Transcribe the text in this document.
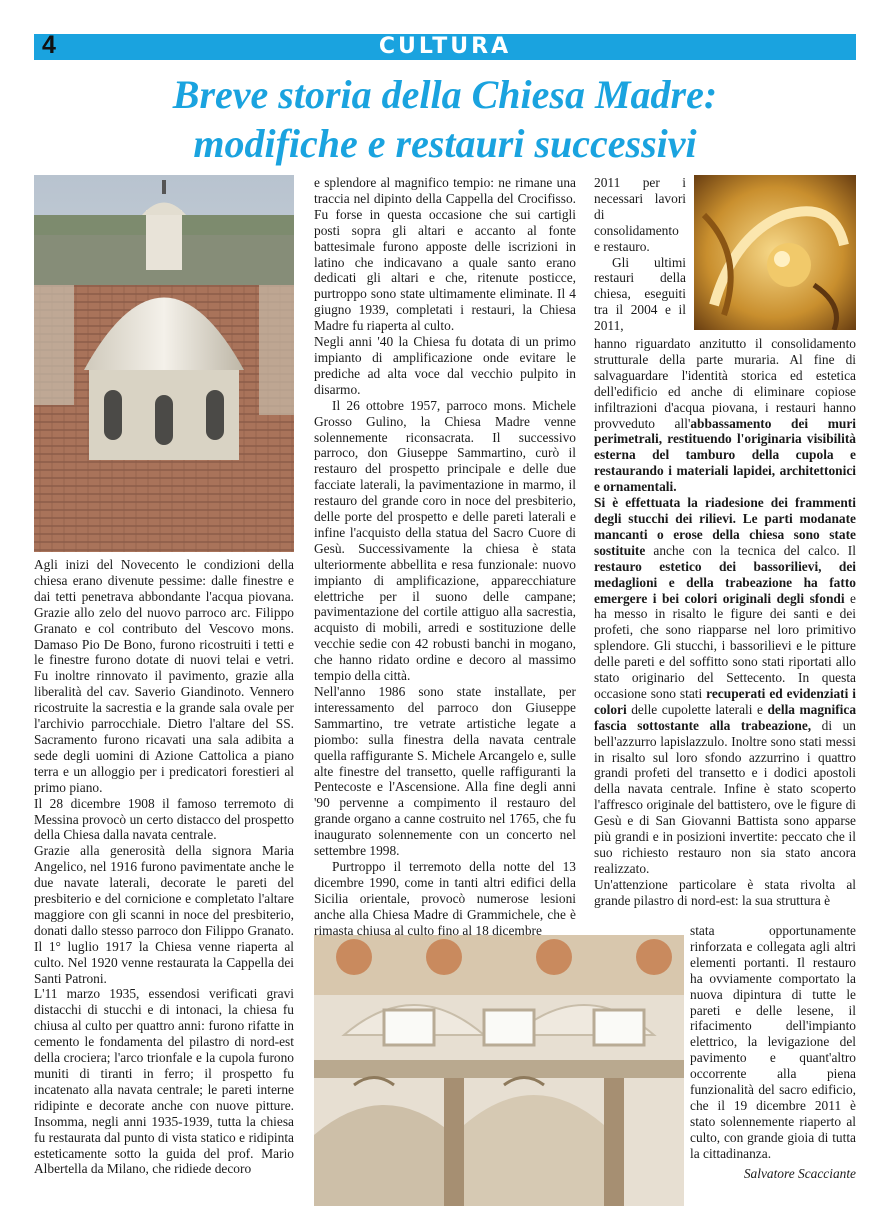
4	CULTURA
Breve storia della Chiesa Madre:
modifiche e restauri successivi

Agli inizi del Novecento le condizioni della chiesa erano divenute pessime: dalle finestre e dai tetti penetrava abbondante l'acqua piovana. Grazie allo zelo del nuovo parroco arc. Filippo Granato e col contributo del Vescovo mons. Damaso Pio De Bono, furono ricostruiti i tetti e le finestre furono dotate di nuovi telai e vetri. Fu inoltre rinnovato il pavimento, grazie alla liberalità del cav. Saverio Giandinoto. Vennero ricostruite la sacrestia e la grande sala ovale per l'archivio parrocchiale. Dietro l'altare del SS. Sacramento furono ricavati una sala adibita a sede degli uomini di Azione Cattolica a piano terra e un alloggio per i predicatori forestieri al primo piano.

Il 28 dicembre 1908 il famoso terremoto di Messina provocò un certo distacco del prospetto della Chiesa dalla navata centrale.

Grazie alla generosità della signora Maria Angelico, nel 1916 furono pavimentate anche le due navate laterali, decorate le pareti del presbiterio e del cornicione e completato l'altare maggiore con gli scanni in noce del presbiterio, donati dallo stesso parroco don Filippo Granato. Il 1° luglio 1917 la Chiesa venne riaperta al culto. Nel 1920 venne restaurata la Cappella dei Santi Patroni.

L'11 marzo 1935, essendosi verificati gravi distacchi di stucchi e di intonaci, la chiesa fu chiusa al culto per quattro anni: furono rifatte in cemento le fondamenta del pilastro di nord-est della crociera; l'arco trionfale e la cupola furono muniti di tiranti in ferro; il prospetto fu incatenato alla navata centrale; le pareti interne ridipinte e decorate anche con nuove pitture. Insomma, negli anni 1935-1939, tutta la chiesa fu restaurata dal punto di vista statico e ridipinta esteticamente sotto la guida del prof. Mario Albertella da Milano, che ridiede decoro

e splendore al magnifico tempio: ne rimane una traccia nel dipinto della Cappella del Crocifisso. Fu forse in questa occasione che sui cartigli posti sopra gli altari e accanto al fonte battesimale furono apposte delle iscrizioni in latino che indicavano a quale santo erano dedicati gli altari e che, ritenute posticce, purtroppo sono state ultimamente eliminate. Il 4 giugno 1939, completati i restauri, la Chiesa Madre fu riaperta al culto.

Negli anni '40 la Chiesa fu dotata di un primo impianto di amplificazione onde evitare le prediche ad alta voce dal vecchio pulpito in disarmo.

Il 26 ottobre 1957, parroco mons. Michele Grosso Gulino, la Chiesa Madre venne solennemente riconsacrata. Il successivo parroco, don Giuseppe Sammartino, curò il restauro del prospetto principale e delle due facciate laterali, la pavimentazione in marmo, il restauro del grande coro in noce del presbiterio, delle porte del prospetto e delle pareti laterali e infine l'acquisto della statua del Sacro Cuore di Gesù. Successivamente la chiesa è stata ulteriormente abbellita e resa funzionale: nuovo impianto di amplificazione, apparecchiature elettriche per il suono delle campane; pavimentazione del cortile attiguo alla sacrestia, acquisto di mobili, arredi e sostituzione delle vecchie sedie con 42 robusti banchi in mogano, che hanno ridato ordine e decoro al massimo tempio della città.

Nell'anno 1986 sono state installate, per interessamento del parroco don Giuseppe Sammartino, tre vetrate artistiche legate a piombo: sulla finestra della navata centrale quella raffigurante S. Michele Arcangelo e, sulle alte finestre del transetto, quelle raffiguranti la Pentecoste e l'Ascensione. Alla fine degli anni '90 pervenne a compimento il restauro del grande organo a canne costruito nel 1765, che fu inaugurato solennemente con un concerto nel settembre 1998.

Purtroppo il terremoto della notte del 13 dicembre 1990, come in tanti altri edifici della Sicilia orientale, provocò numerose lesioni anche alla Chiesa Madre di Grammichele, che è rimasta chiusa al culto fino al 18 dicembre

2011 per i necessari lavori di consolidamento e restauro.

Gli ultimi restauri della chiesa, eseguiti tra il 2004 e il 2011,

hanno riguardato anzitutto il consolidamento strutturale della parte muraria. Al fine di salvaguardare l'identità storica ed estetica dell'edificio ed anche di eliminare copiose infiltrazioni d'acqua piovana, i restauri hanno provveduto all'abbassamento dei muri perimetrali, restituendo l'originaria visibilità esterna del tamburo della cupola e restaurando i materiali lapidei, architettonici e ornamentali.

Si è effettuata la riadesione dei frammenti degli stucchi dei rilievi. Le parti modanate mancanti o erose della chiesa sono state sostituite anche con la tecnica del calco. Il restauro estetico dei bassorilievi, dei medaglioni e della trabeazione ha fatto emergere i bei colori originali degli sfondi e ha messo in risalto le figure dei santi e dei profeti, che sono riapparse nel loro primitivo splendore. Gli stucchi, i bassorilievi e le pitture delle pareti e del soffitto sono stati riportati allo stato originario del Settecento. In questa occasione sono stati recuperati ed evidenziati i colori delle cupolette laterali e della magnifica fascia sottostante alla trabeazione, di un bell'azzurro lapislazzulo. Inoltre sono stati messi in risalto sul loro sfondo azzurrino i quattro grandi profeti del transetto e i dodici apostoli della navata centrale. Infine è stato scoperto l'affresco originale del battistero, ove le figure di Gesù e di San Giovanni Battista sono apparse più grandi e in posizioni invertite: peccato che il suo richiesto restauro non sia stato ancora realizzato.

Un'attenzione particolare è stata rivolta al grande pilastro di nord-est: la sua struttura è

stata opportunamente rinforzata e collegata agli altri elementi portanti. Il restauro ha ovviamente comportato la nuova dipintura di tutte le pareti e delle lesene, il rifacimento dell'impianto elettrico, la levigazione del pavimento e quant'altro occorrente alla piena funzionalità del sacro edificio, che il 19 dicembre 2011 è stato solennemente riaperto al culto, con grande gioia di tutta la cittadinanza.

Salvatore Scacciante
